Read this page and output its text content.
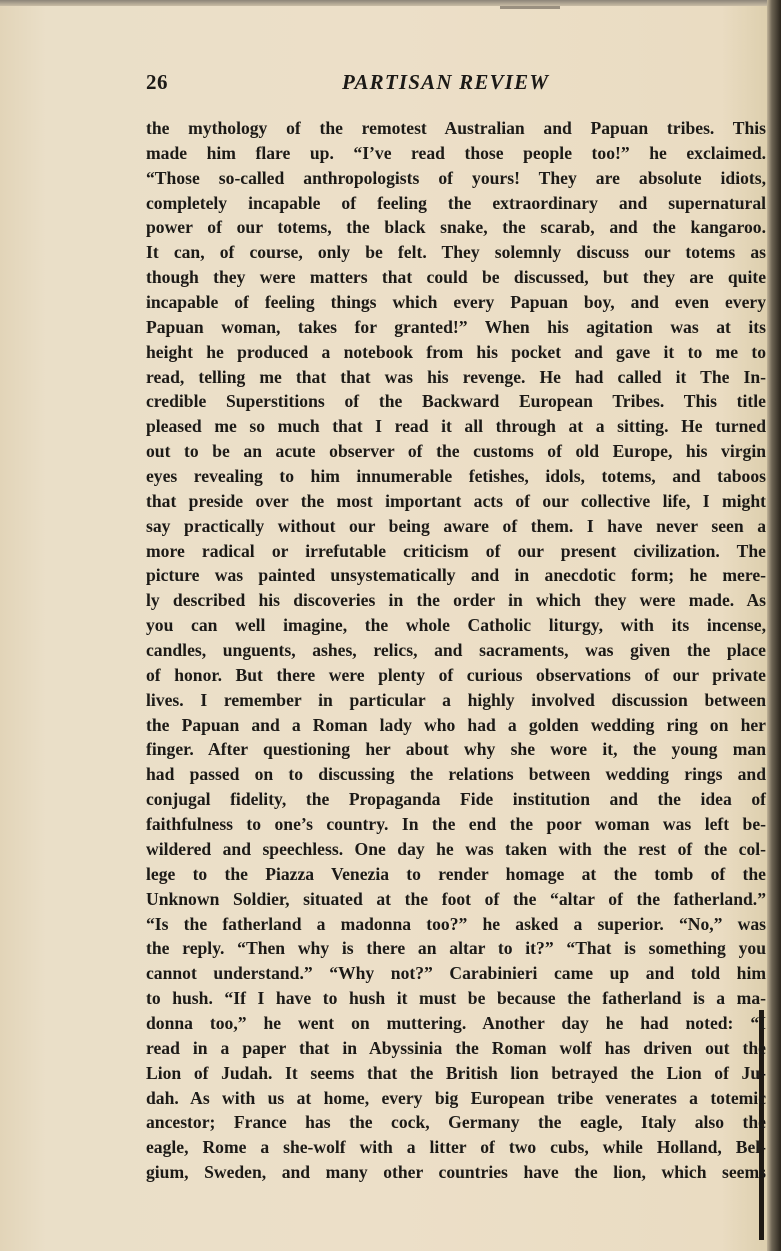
26	PARTISAN REVIEW
the mythology of the remotest Australian and Papuan tribes. This
made him flare up. “I’ve read those people too!” he exclaimed.
“Those so-called anthropologists of yours! They are absolute idiots,
completely incapable of feeling the extraordinary and supernatural
power of our totems, the black snake, the scarab, and the kangaroo.
It can, of course, only be felt. They solemnly discuss our totems as
though they were matters that could be discussed, but they are quite
incapable of feeling things which every Papuan boy, and even every
Papuan woman, takes for granted!” When his agitation was at its
height he produced a notebook from his pocket and gave it to me to
read, telling me that that was his revenge. He had called it The In-
credible Superstitions of the Backward European Tribes. This title
pleased me so much that I read it all through at a sitting. He turned
out to be an acute observer of the customs of old Europe, his virgin
eyes revealing to him innumerable fetishes, idols, totems, and taboos
that preside over the most important acts of our collective life, I might
say practically without our being aware of them. I have never seen a
more radical or irrefutable criticism of our present civilization. The
picture was painted unsystematically and in anecdotic form; he mere-
ly described his discoveries in the order in which they were made. As
you can well imagine, the whole Catholic liturgy, with its incense,
candles, unguents, ashes, relics, and sacraments, was given the place
of honor. But there were plenty of curious observations of our private
lives. I remember in particular a highly involved discussion between
the Papuan and a Roman lady who had a golden wedding ring on her
finger. After questioning her about why she wore it, the young man
had passed on to discussing the relations between wedding rings and
conjugal fidelity, the Propaganda Fide institution and the idea of
faithfulness to one’s country. In the end the poor woman was left be-
wildered and speechless. One day he was taken with the rest of the col-
lege to the Piazza Venezia to render homage at the tomb of the
Unknown Soldier, situated at the foot of the “altar of the fatherland.”
“Is the fatherland a madonna too?” he asked a superior. “No,” was
the reply. “Then why is there an altar to it?” “That is something you
cannot understand.” “Why not?” Carabinieri came up and told him
to hush. “If I have to hush it must be because the fatherland is a ma-
donna too,” he went on muttering. Another day he had noted: “I
read in a paper that in Abyssinia the Roman wolf has driven out the
Lion of Judah. It seems that the British lion betrayed the Lion of Ju-
dah. As with us at home, every big European tribe venerates a totemic
ancestor; France has the cock, Germany the eagle, Italy also the
eagle, Rome a she-wolf with a litter of two cubs, while Holland, Bel-
gium, Sweden, and many other countries have the lion, which seems
